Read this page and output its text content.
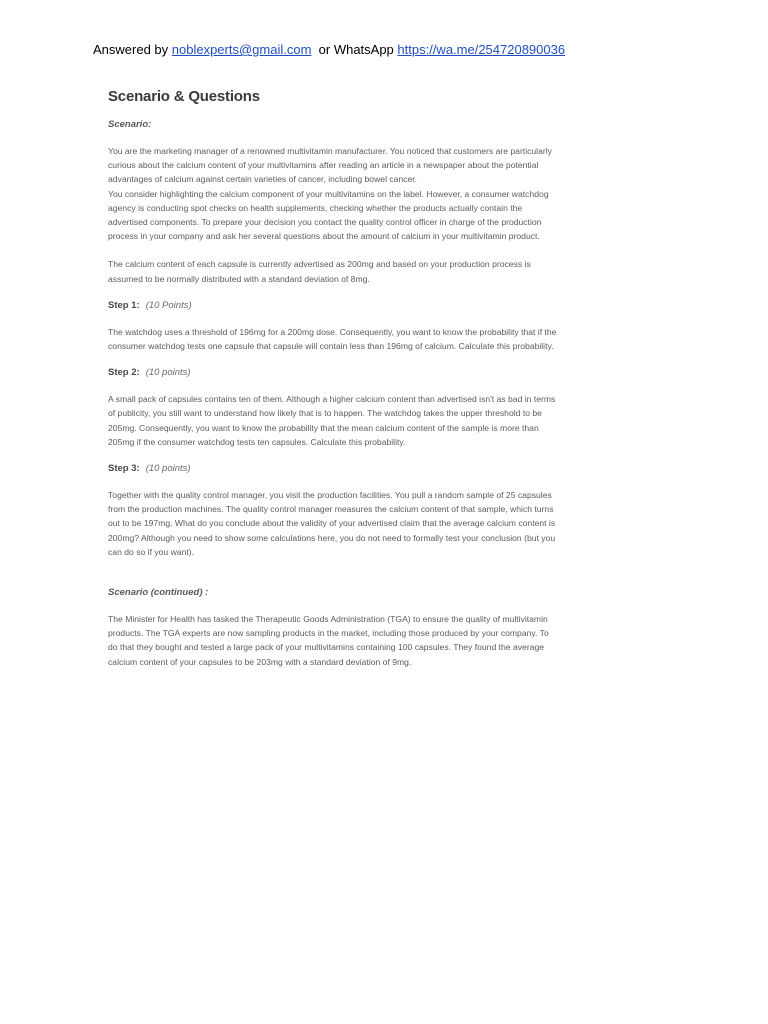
Answered by noblexperts@gmail.com  or WhatsApp https://wa.me/254720890036
Scenario & Questions
Scenario:
You are the marketing manager of a renowned multivitamin manufacturer. You noticed that customers are particularly curious about the calcium content of your multivitamins after reading an article in a newspaper about the potential advantages of calcium against certain varieties of cancer, including bowel cancer.
You consider highlighting the calcium component of your multivitamins on the label. However, a consumer watchdog agency is conducting spot checks on health supplements, checking whether the products actually contain the advertised components. To prepare your decision you contact the quality control officer in charge of the production process in your company and ask her several questions about the amount of calcium in your multivitamin product.
The calcium content of each capsule is currently advertised as 200mg and based on your production process is assumed to be normally distributed with a standard deviation of 8mg.
Step 1: (10 Points)
The watchdog uses a threshold of 196mg for a 200mg dose. Consequently, you want to know the probability that if the consumer watchdog tests one capsule that capsule will contain less than 196mg of calcium. Calculate this probability.
Step 2: (10 points)
A small pack of capsules contains ten of them. Although a higher calcium content than advertised isn't as bad in terms of publicity, you still want to understand how likely that is to happen. The watchdog takes the upper threshold to be 205mg. Consequently, you want to know the probability that the mean calcium content of the sample is more than 205mg if the consumer watchdog tests ten capsules. Calculate this probability.
Step 3: (10 points)
Together with the quality control manager, you visit the production facilities. You pull a random sample of 25 capsules from the production machines. The quality control manager measures the calcium content of that sample, which turns out to be 197mg. What do you conclude about the validity of your advertised claim that the average calcium content is 200mg? Although you need to show some calculations here, you do not need to formally test your conclusion (but you can do so if you want).
Scenario (continued) :
The Minister for Health has tasked the Therapeutic Goods Administration (TGA) to ensure the quality of multivitamin products. The TGA experts are now sampling products in the market, including those produced by your company. To do that they bought and tested a large pack of your multivitamins containing 100 capsules. They found the average calcium content of your capsules to be 203mg with a standard deviation of 9mg.
